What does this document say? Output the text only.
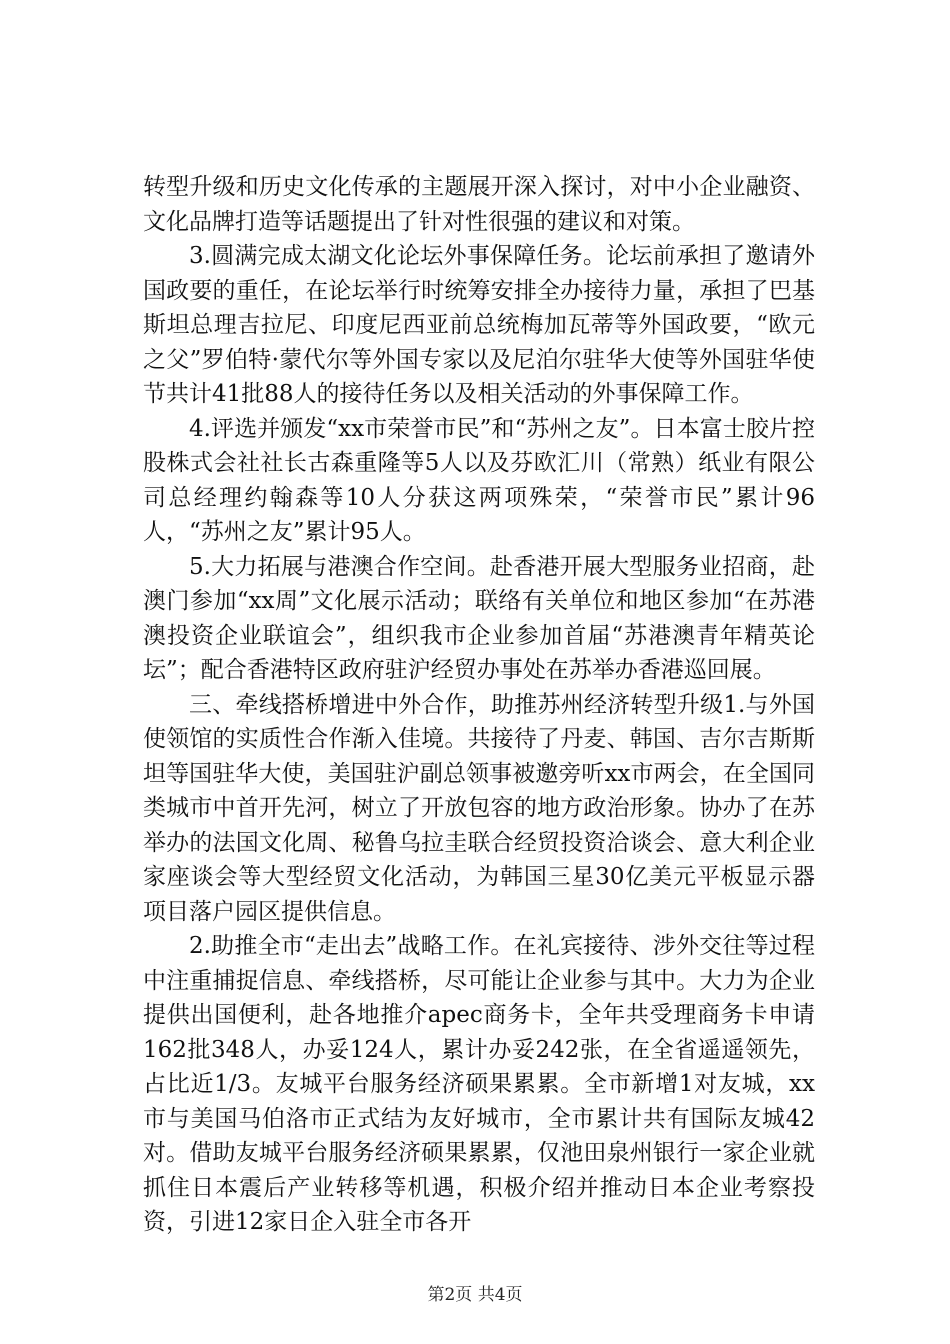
转型升级和历史文化传承的主题展开深入探讨，对中小企业融资、文化品牌打造等话题提出了针对性很强的建议和对策。

3.圆满完成太湖文化论坛外事保障任务。论坛前承担了邀请外国政要的重任，在论坛举行时统筹安排全办接待力量，承担了巴基斯坦总理吉拉尼、印度尼西亚前总统梅加瓦蒂等外国政要，“欧元之父”罗伯特·蒙代尔等外国专家以及尼泊尔驻华大使等外国驻华使节共计41批88人的接待任务以及相关活动的外事保障工作。

4.评选并颁发“xx市荣誉市民”和“苏州之友”。日本富士胶片控股株式会社社长古森重隆等5人以及芬欧汇川（常熟）纸业有限公司总经理约翰森等10人分获这两项殊荣，“荣誉市民”累计96人，“苏州之友”累计95人。

5.大力拓展与港澳合作空间。赴香港开展大型服务业招商，赴澳门参加“xx周”文化展示活动；联络有关单位和地区参加“在苏港澳投资企业联谊会”，组织我市企业参加首届“苏港澳青年精英论坛”；配合香港特区政府驻沪经贸办事处在苏举办香港巡回展。

三、牵线搭桥增进中外合作，助推苏州经济转型升级1.与外国使领馆的实质性合作渐入佳境。共接待了丹麦、韩国、吉尔吉斯斯坦等国驻华大使，美国驻沪副总领事被邀旁听xx市两会，在全国同类城市中首开先河，树立了开放包容的地方政治形象。协办了在苏举办的法国文化周、秘鲁乌拉圭联合经贸投资洽谈会、意大利企业家座谈会等大型经贸文化活动，为韩国三星30亿美元平板显示器项目落户园区提供信息。

2.助推全市“走出去”战略工作。在礼宾接待、涉外交往等过程中注重捕捉信息、牵线搭桥，尽可能让企业参与其中。大力为企业提供出国便利，赴各地推介apec商务卡，全年共受理商务卡申请162批348人，办妥124人，累计办妥242张，在全省遥遥领先，占比近1/3。友城平台服务经济硕果累累。全市新增1对友城，xx市与美国马伯洛市正式结为友好城市，全市累计共有国际友城42对。借助友城平台服务经济硕果累累，仅池田泉州银行一家企业就抓住日本震后产业转移等机遇，积极介绍并推动日本企业考察投资，引进12家日企入驻全市各开

第2页 共4页
